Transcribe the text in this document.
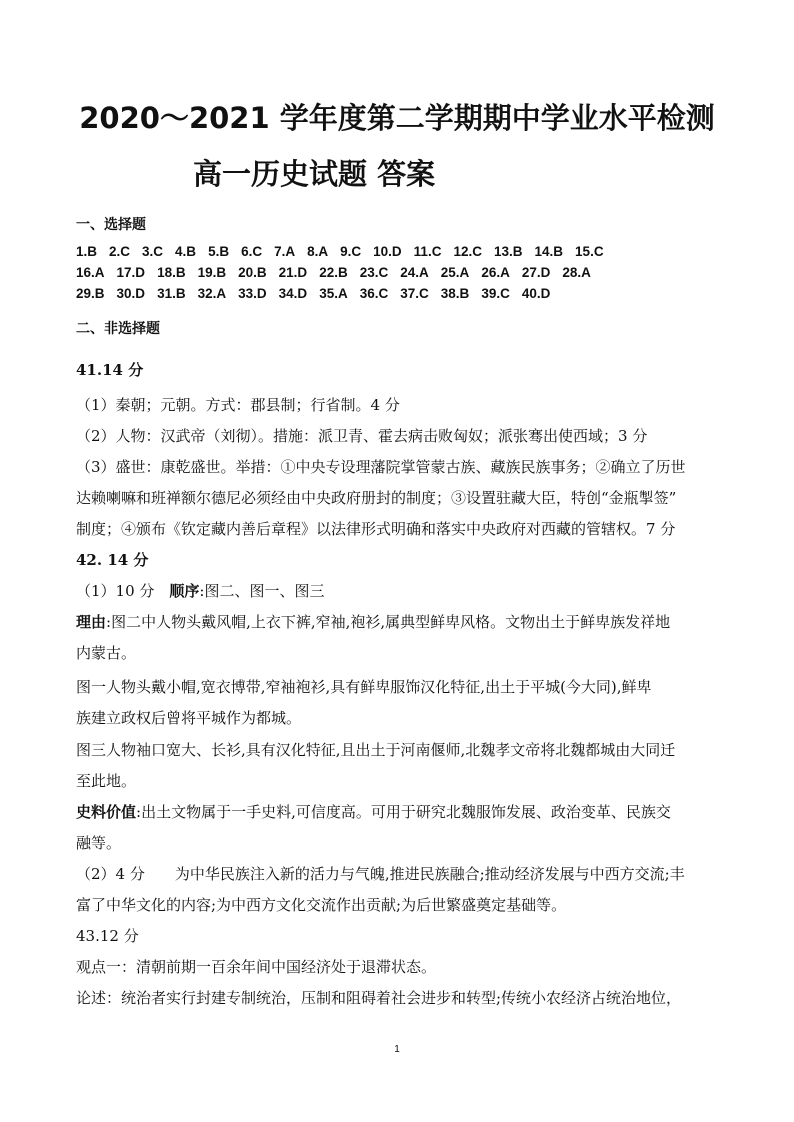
2020～2021 学年度第二学期期中学业水平检测
高一历史试题 答案
一、选择题
1.B 2.C 3.C 4.B 5.B 6.C 7.A 8.A 9.C 10.D 11.C 12.C 13.B 14.B 15.C
16.A 17.D 18.B 19.B 20.B 21.D 22.B 23.C 24.A 25.A 26.A 27.D 28.A
29.B 30.D 31.B 32.A 33.D 34.D 35.A 36.C 37.C 38.B 39.C 40.D
二、非选择题
41.14 分
（1）秦朝；元朝。方式：郡县制；行省制。4 分
（2）人物：汉武帝（刘彻）。措施：派卫青、霍去病击败匈奴；派张骞出使西域；3 分
（3）盛世：康乾盛世。举措：①中央专设理藩院掌管蒙古族、藏族民族事务；②确立了历世
达赖喇嘛和班禅额尔德尼必须经由中央政府册封的制度；③设置驻藏大臣，特创“金瓶掣签”
制度；④颁布《钦定藏内善后章程》以法律形式明确和落实中央政府对西藏的管辖权。7 分
42. 14 分
（1）10 分　顺序:图二、图一、图三
理由:图二中人物头戴风帽,上衣下裤,窄袖,袍衫,属典型鲜卑风格。文物出土于鲜卑族发祥地
内蒙古。
图一人物头戴小帽,宽衣博带,窄袖袍衫,具有鲜卑服饰汉化特征,出土于平城(今大同),鲜卑
族建立政权后曾将平城作为都城。
图三人物袖口宽大、长衫,具有汉化特征,且出土于河南偃师,北魏孝文帝将北魏都城由大同迁
至此地。
史料价值:出土文物属于一手史料,可信度高。可用于研究北魏服饰发展、政治变革、民族交
融等。
（2）4 分　　为中华民族注入新的活力与气魄,推进民族融合;推动经济发展与中西方交流;丰
富了中华文化的内容;为中西方文化交流作出贡献;为后世繁盛奠定基础等。
43.12 分
观点一：清朝前期一百余年间中国经济处于退滞状态。
论述：统治者实行封建专制统治，压制和阻碍着社会进步和转型;传统小农经济占统治地位，
1
